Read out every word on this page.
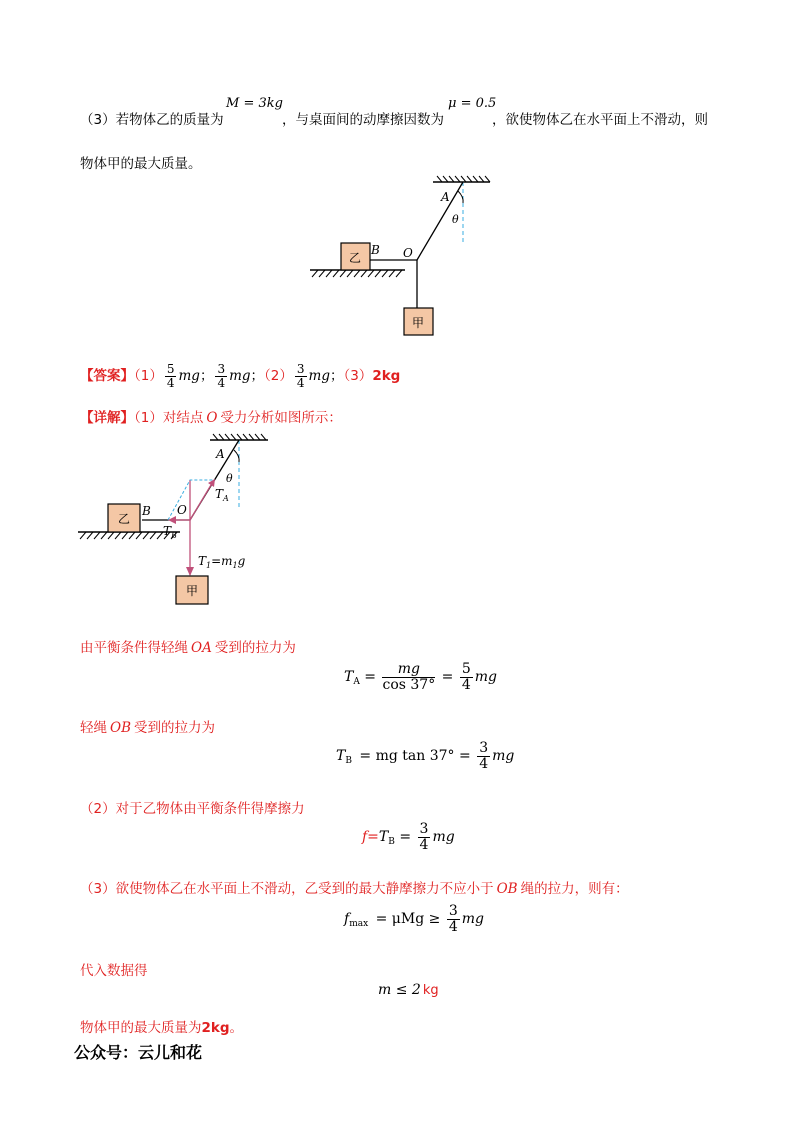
（3）若物体乙的质量为
M = 3kg
，与桌面间的动摩擦因数为
μ = 0.5
，欲使物体乙在水平面上不滑动，则
物体甲的最大质量。
乙
甲
A
θ
B O
【答案】$(1) \frac{5}{4}$ mg； $\frac{3}{4}$ mg；$(2) \frac{3}{4}$ mg；（3）2kg
【详解】（1）对结点 O 受力分析如图所示：
乙
甲
A
θ
$T_A$
B O
$T_B$
$T_1=m_1g$
由平衡条件得轻绳 OA 受到的拉力为
$T_A = \frac{mg}{\cos 37^\circ} = \frac{5}{4}$ mg
轻绳 OB 受到的拉力为
$T_B$ = mg $\tan 37^\circ = \frac{3}{4}$ mg
（2）对于乙物体由平衡条件得摩擦力
$f=T_B = \frac{3}{4}$ mg
（3）欲使物体乙在水平面上不滑动，乙受到的最大静摩擦力不应小于 OB 绳的拉力，则有：
$f_{max} = \mu Mg \ge \frac{3}{4}$ mg
代入数据得
m ≤ 2 kg
物体甲的最大质量为2kg。
公众号：云儿和花
